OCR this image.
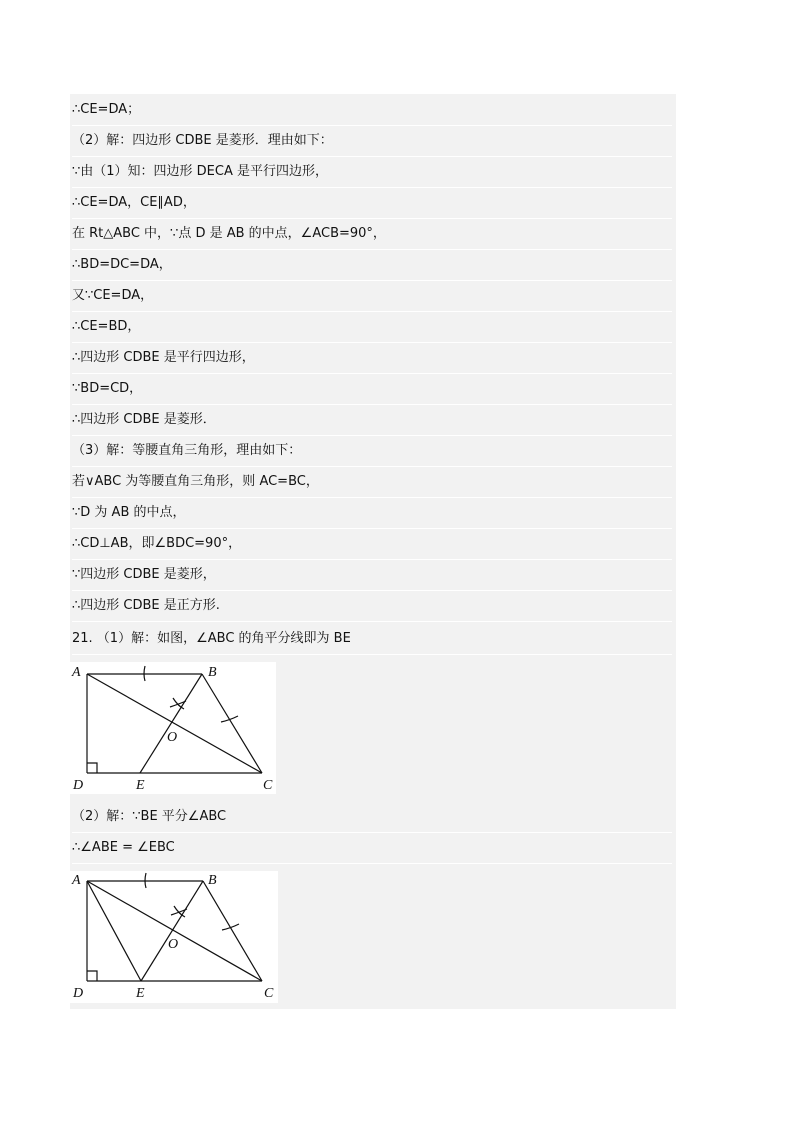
∴CE=DA；
（2）解：四边形 CDBE 是菱形．理由如下：
∵由（1）知：四边形 DECA 是平行四边形，
∴CE=DA，CE∥AD，
在 Rt△ABC 中，∵点 D 是 AB 的中点，∠ACB=90°，
∴BD=DC=DA，
又∵CE=DA，
∴CE=BD，
∴四边形 CDBE 是平行四边形，
∵BD=CD，
∴四边形 CDBE 是菱形．
（3）解：等腰直角三角形，理由如下：
若∨ABC 为等腰直角三角形，则 AC=BC，
∵D 为 AB 的中点，
∴CD⊥AB，即∠BDC=90°，
∵四边形 CDBE 是菱形，
∴四边形 CDBE 是正方形.
21. （1）解：如图，∠ABC 的角平分线即为 BE
A	B
O
D	E	C
（2）解：∵BE 平分∠ABC
∴∠ABE = ∠EBC
A	B
O
D	E	C
